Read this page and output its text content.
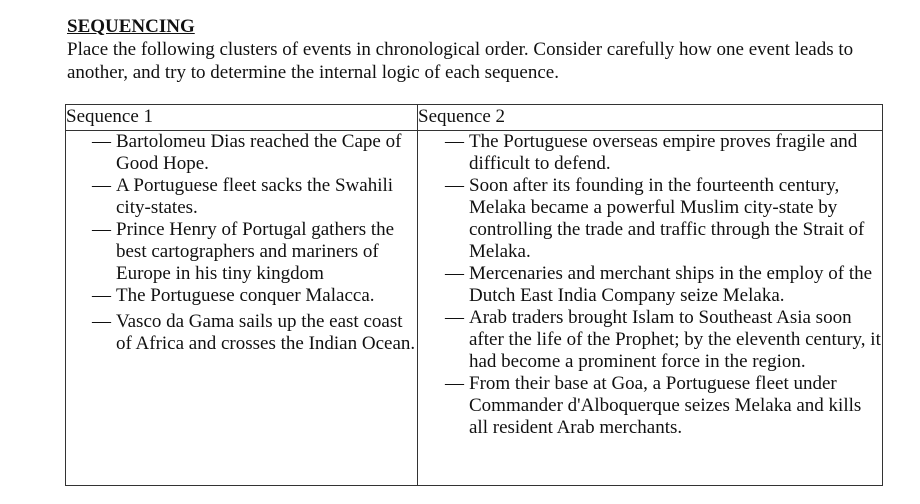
SEQUENCING
Place the following clusters of events in chronological order. Consider carefully how one event leads to another, and try to determine the internal logic of each sequence.
Sequence 1	Sequence 2

— Bartolomeu Dias reached the Cape of Good Hope.
— A Portuguese fleet sacks the Swahili city-states.
— Prince Henry of Portugal gathers the best cartographers and mariners of Europe in his tiny kingdom
— The Portuguese conquer Malacca.
— Vasco da Gama sails up the east coast of Africa and crosses the Indian Ocean.

— The Portuguese overseas empire proves fragile and difficult to defend.
— Soon after its founding in the fourteenth century, Melaka became a powerful Muslim city-state by controlling the trade and traffic through the Strait of Melaka.
— Mercenaries and merchant ships in the employ of the Dutch East India Company seize Melaka.
— Arab traders brought Islam to Southeast Asia soon after the life of the Prophet; by the eleventh century, it had become a prominent force in the region.
— From their base at Goa, a Portuguese fleet under Commander d'Alboquerque seizes Melaka and kills all resident Arab merchants.
